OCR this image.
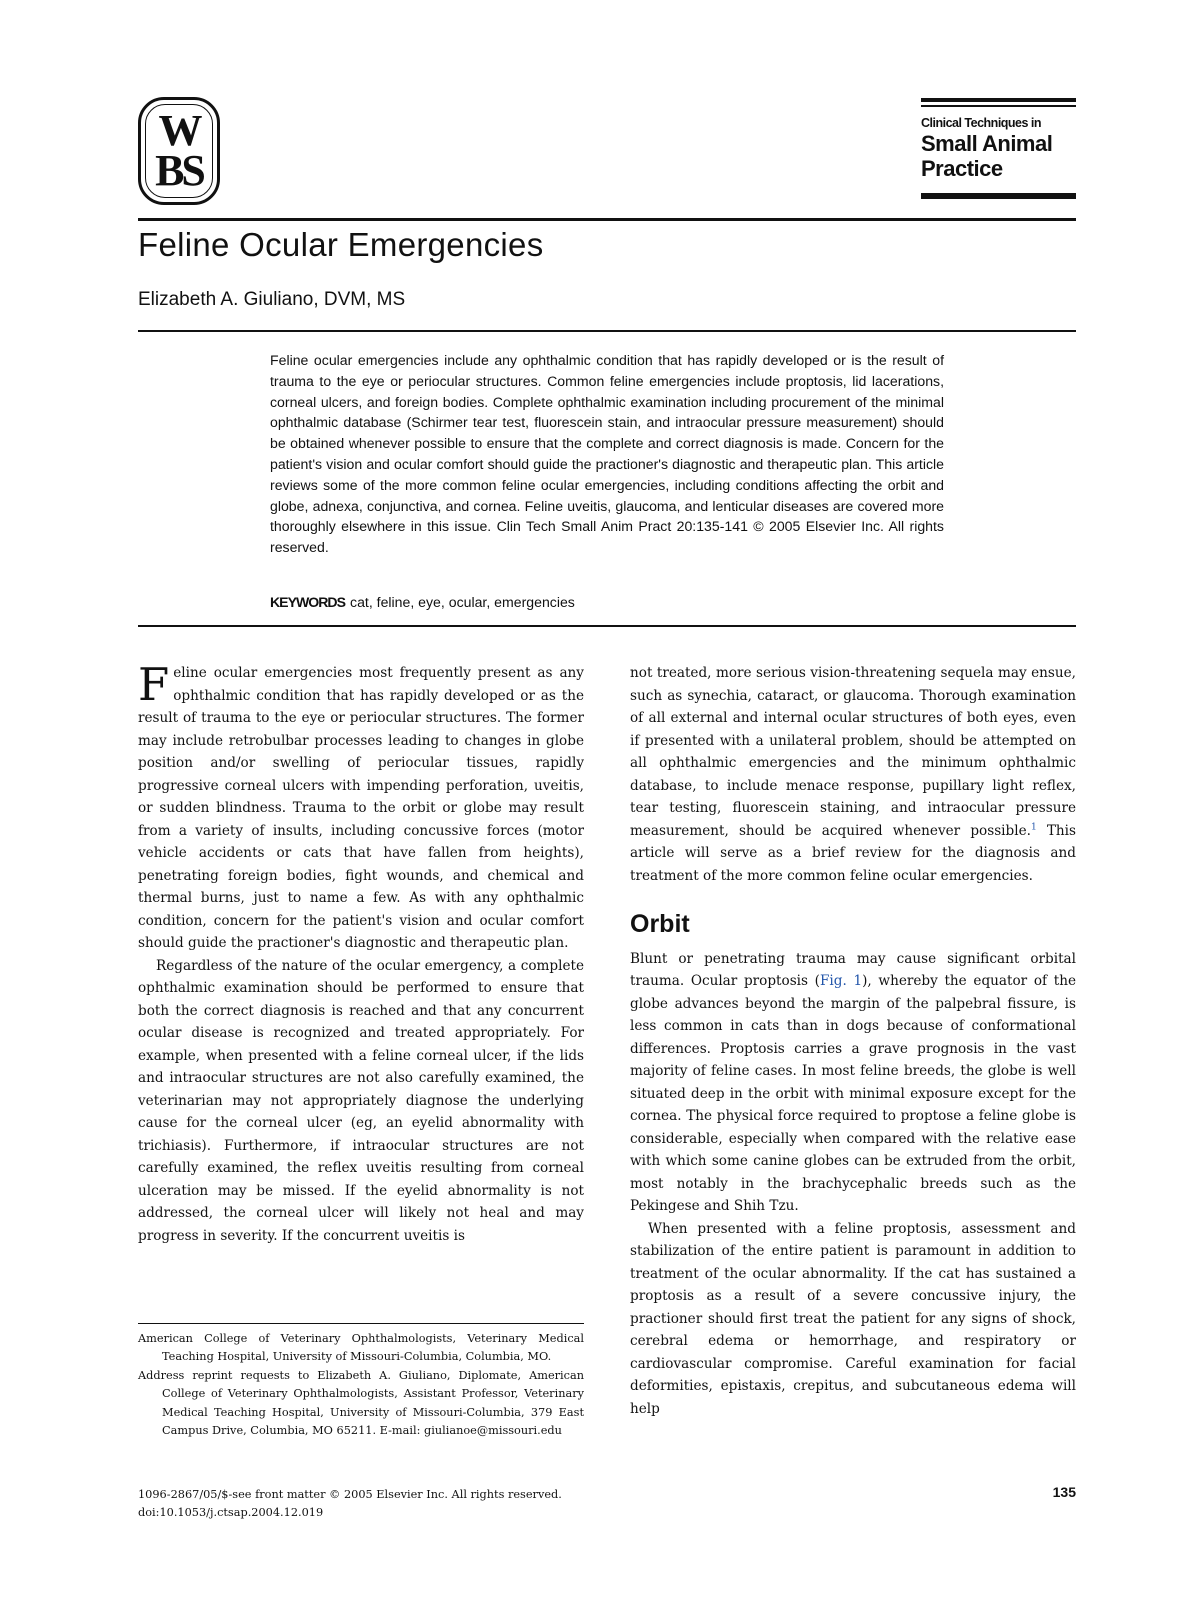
W
BS
Clinical Techniques in
Small Animal
Practice
Feline Ocular Emergencies

Elizabeth A. Giuliano, DVM, MS

Feline ocular emergencies include any ophthalmic condition that has rapidly developed or is the result of trauma to the eye or periocular structures. Common feline emergencies include proptosis, lid lacerations, corneal ulcers, and foreign bodies. Complete ophthalmic examination including procurement of the minimal ophthalmic database (Schirmer tear test, fluorescein stain, and intraocular pressure measurement) should be obtained whenever possible to ensure that the complete and correct diagnosis is made. Concern for the patient's vision and ocular comfort should guide the practioner's diagnostic and therapeutic plan. This article reviews some of the more common feline ocular emergencies, including conditions affecting the orbit and globe, adnexa, conjunctiva, and cornea. Feline uveitis, glaucoma, and lenticular diseases are covered more thoroughly elsewhere in this issue. Clin Tech Small Anim Pract 20:135-141 © 2005 Elsevier Inc. All rights reserved.
KEYWORDS cat, feline, eye, ocular, emergencies

Feline ocular emergencies most frequently present as any ophthalmic condition that has rapidly developed or as the result of trauma to the eye or periocular structures. The former may include retrobulbar processes leading to changes in globe position and/or swelling of periocular tissues, rapidly progressive corneal ulcers with impending perforation, uveitis, or sudden blindness. Trauma to the orbit or globe may result from a variety of insults, including concussive forces (motor vehicle accidents or cats that have fallen from heights), penetrating foreign bodies, fight wounds, and chemical and thermal burns, just to name a few. As with any ophthalmic condition, concern for the patient's vision and ocular comfort should guide the practioner's diagnostic and therapeutic plan.

Regardless of the nature of the ocular emergency, a complete ophthalmic examination should be performed to ensure that both the correct diagnosis is reached and that any concurrent ocular disease is recognized and treated appropriately. For example, when presented with a feline corneal ulcer, if the lids and intraocular structures are not also carefully examined, the veterinarian may not appropriately diagnose the underlying cause for the corneal ulcer (eg, an eyelid abnormality with trichiasis). Furthermore, if intraocular structures are not carefully examined, the reflex uveitis resulting from corneal ulceration may be missed. If the eyelid abnormality is not addressed, the corneal ulcer will likely not heal and may progress in severity. If the concurrent uveitis is

not treated, more serious vision-threatening sequela may ensue, such as synechia, cataract, or glaucoma. Thorough examination of all external and internal ocular structures of both eyes, even if presented with a unilateral problem, should be attempted on all ophthalmic emergencies and the minimum ophthalmic database, to include menace response, pupillary light reflex, tear testing, fluorescein staining, and intraocular pressure measurement, should be acquired whenever possible.$^1$ This article will serve as a brief review for the diagnosis and treatment of the more common feline ocular emergencies.

Orbit

Blunt or penetrating trauma may cause significant orbital trauma. Ocular proptosis (Fig. 1), whereby the equator of the globe advances beyond the margin of the palpebral fissure, is less common in cats than in dogs because of conformational differences. Proptosis carries a grave prognosis in the vast majority of feline cases. In most feline breeds, the globe is well situated deep in the orbit with minimal exposure except for the cornea. The physical force required to proptose a feline globe is considerable, especially when compared with the relative ease with which some canine globes can be extruded from the orbit, most notably in the brachycephalic breeds such as the Pekingese and Shih Tzu.

When presented with a feline proptosis, assessment and stabilization of the entire patient is paramount in addition to treatment of the ocular abnormality. If the cat has sustained a proptosis as a result of a severe concussive injury, the practioner should first treat the patient for any signs of shock, cerebral edema or hemorrhage, and respiratory or cardiovascular compromise. Careful examination for facial deformities, epistaxis, crepitus, and subcutaneous edema will help

American College of Veterinary Ophthalmologists, Veterinary Medical Teaching Hospital, University of Missouri-Columbia, Columbia, MO.

Address reprint requests to Elizabeth A. Giuliano, Diplomate, American College of Veterinary Ophthalmologists, Assistant Professor, Veterinary Medical Teaching Hospital, University of Missouri-Columbia, 379 East Campus Drive, Columbia, MO 65211. E-mail: giulianoe@missouri.edu

1096-2867/05/$-see front matter © 2005 Elsevier Inc. All rights reserved.
doi:10.1053/j.ctsap.2004.12.019
135
